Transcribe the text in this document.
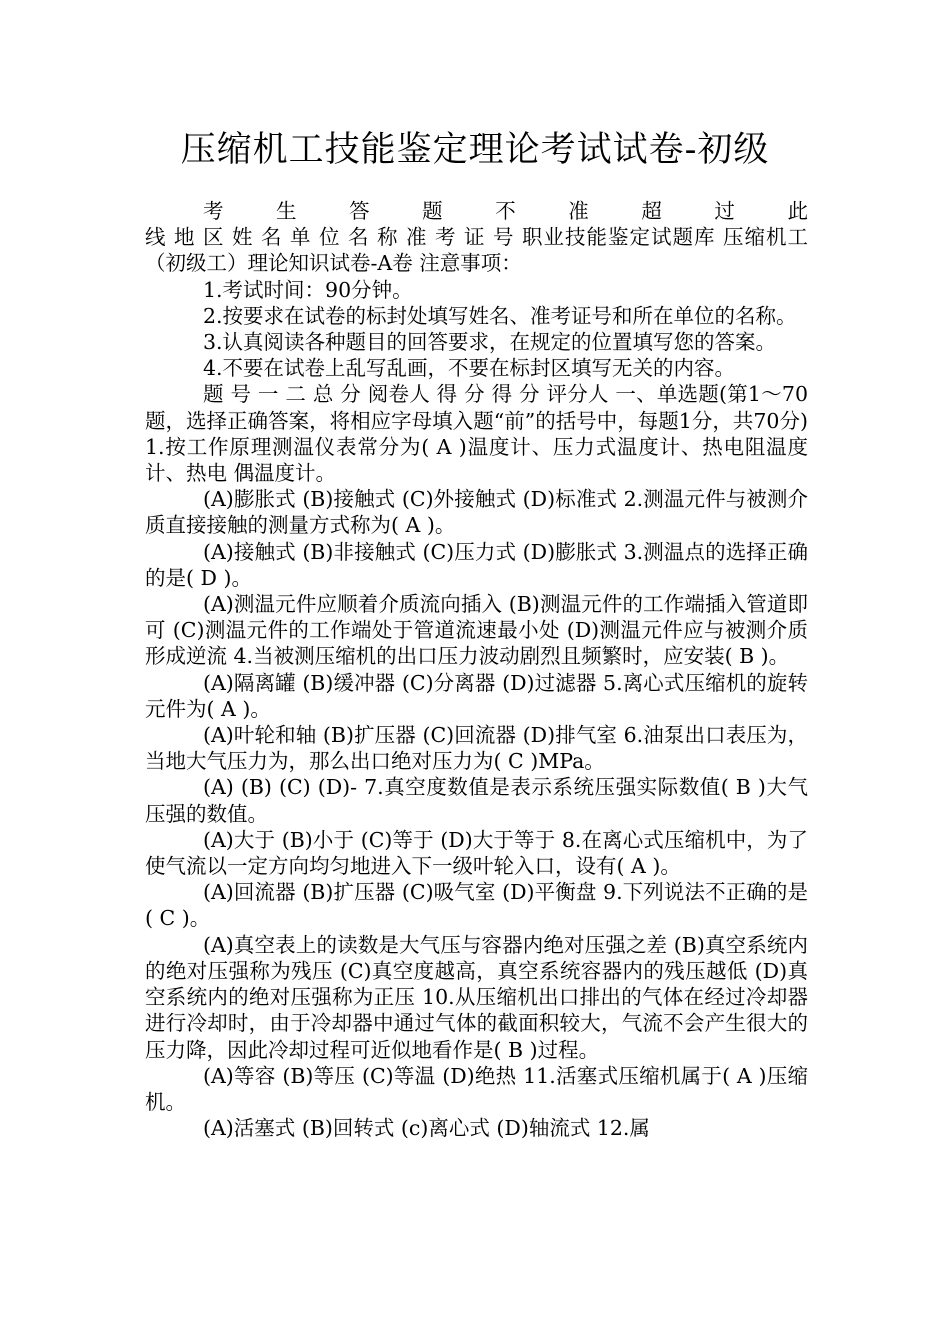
压缩机工技能鉴定理论考试试卷-初级

考生答题不准超过此

线 地 区 姓 名 单 位 名 称 准 考 证 号 职业技能鉴定试题库 压缩机工（初级工）理论知识试卷-A卷 注意事项：

1.考试时间：90分钟。

2.按要求在试卷的标封处填写姓名、准考证号和所在单位的名称。

3.认真阅读各种题目的回答要求，在规定的位置填写您的答案。

4.不要在试卷上乱写乱画，不要在标封区填写无关的内容。

题 号 一 二 总 分 阅卷人 得 分 得 分 评分人 一、单选题(第1～70题，选择正确答案，将相应字母填入题“前”的括号中，每题1分，共70分) 1.按工作原理测温仪表常分为( A )温度计、压力式温度计、热电阻温度计、热电 偶温度计。

(A)膨胀式 (B)接触式 (C)外接触式 (D)标准式 2.测温元件与被测介质直接接触的测量方式称为( A )。

(A)接触式 (B)非接触式 (C)压力式 (D)膨胀式 3.测温点的选择正确的是( D )。

(A)测温元件应顺着介质流向插入 (B)测温元件的工作端插入管道即可 (C)测温元件的工作端处于管道流速最小处 (D)测温元件应与被测介质形成逆流 4.当被测压缩机的出口压力波动剧烈且频繁时，应安装( B )。

(A)隔离罐 (B)缓冲器 (C)分离器 (D)过滤器 5.离心式压缩机的旋转元件为( A )。

(A)叶轮和轴 (B)扩压器 (C)回流器 (D)排气室 6.油泵出口表压为，当地大气压力为，那么出口绝对压力为( C )MPa。

(A) (B) (C) (D)- 7.真空度数值是表示系统压强实际数值( B )大气压强的数值。

(A)大于 (B)小于 (C)等于 (D)大于等于 8.在离心式压缩机中，为了使气流以一定方向均匀地进入下一级叶轮入口，设有( A )。

(A)回流器 (B)扩压器 (C)吸气室 (D)平衡盘 9.下列说法不正确的是( C )。

(A)真空表上的读数是大气压与容器内绝对压强之差 (B)真空系统内的绝对压强称为残压 (C)真空度越高，真空系统容器内的残压越低 (D)真空系统内的绝对压强称为正压 10.从压缩机出口排出的气体在经过冷却器进行冷却时，由于冷却器中通过气体的截面积较大，气流不会产生很大的压力降，因此冷却过程可近似地看作是( B )过程。

(A)等容 (B)等压 (C)等温 (D)绝热 11.活塞式压缩机属于( A )压缩机。

(A)活塞式 (B)回转式 (c)离心式 (D)轴流式 12.属
